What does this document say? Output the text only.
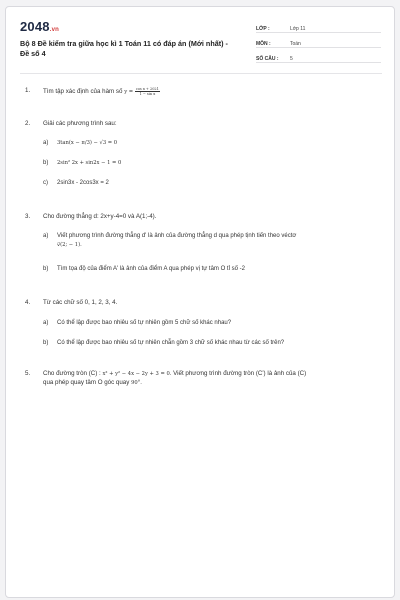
2048.vn
Bộ 8 Đề kiểm tra giữa học kì 1 Toán 11 có đáp án (Mới nhất) - Đề số 4
LỚP :	Lớp 11
MÔN :	Toán
SỐ CÂU :	5
1. Tìm tập xác định của hàm số $y = \frac{\text{cos x + 2021}}{\text{1 − sin x}}$
2. Giải các phương trình sau:
a) 3tan(x − π/3) − √3 = 0
b) 2sin² 2x + sin2x − 1 = 0
c) 2sin3x - 2cos3x = 2
3. Cho đường thẳng d: 2x+y-4=0 và A(1;-4).
a) Viết phương trình đường thẳng d' là ảnh của đường thẳng d qua phép tịnh tiến theo véctơ
v⃗(2; − 1).
b) Tìm tọa độ của điểm A' là ảnh của điểm A qua phép vị tự tâm O tỉ số -2
4. Từ các chữ số 0, 1, 2, 3, 4.
a) Có thể lập được bao nhiêu số tự nhiên gồm 5 chữ số khác nhau?
b) Có thể lập được bao nhiêu số tự nhiên chẵn gồm 3 chữ số khác nhau từ các số trên?
5. Cho đường tròn (C) : x² + y² − 4x − 2y + 3 = 0. Viết phương trình đường tròn (C') là ảnh của (C)
qua phép quay tâm O góc quay 90°.
